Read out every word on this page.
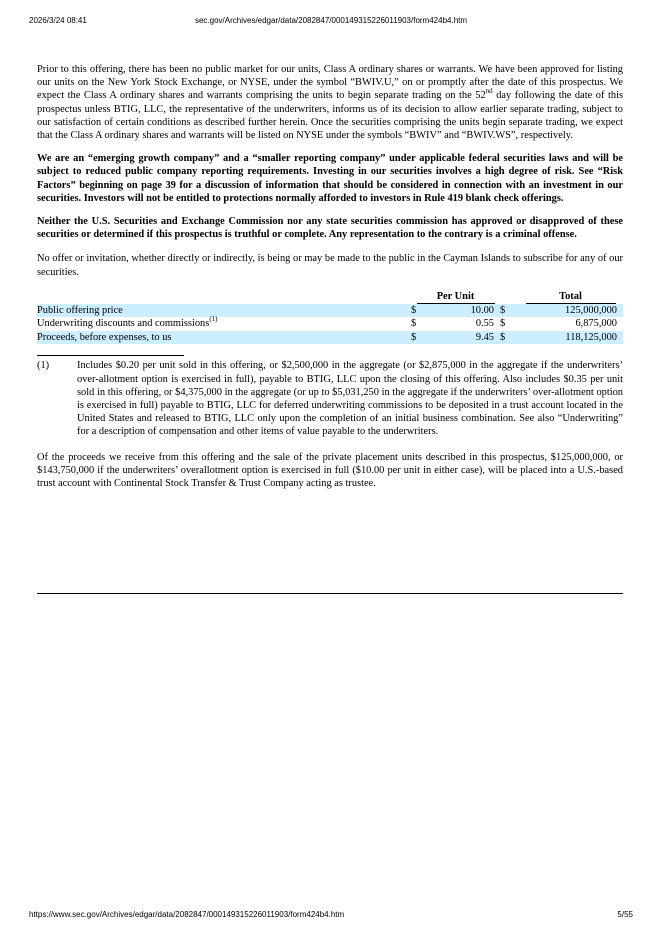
2026/3/24 08:41	sec.gov/Archives/edgar/data/2082847/000149315226011903/form424b4.htm

Prior to this offering, there has been no public market for our units, Class A ordinary shares or warrants. We have been approved for listing our units on the New York Stock Exchange, or NYSE, under the symbol “BWIV.U,” on or promptly after the date of this prospectus. We expect the Class A ordinary shares and warrants comprising the units to begin separate trading on the 52nd day following the date of this prospectus unless BTIG, LLC, the representative of the underwriters, informs us of its decision to allow earlier separate trading, subject to our satisfaction of certain conditions as described further herein. Once the securities comprising the units begin separate trading, we expect that the Class A ordinary shares and warrants will be listed on NYSE under the symbols “BWIV” and “BWIV.WS”, respectively.

We are an “emerging growth company” and a “smaller reporting company” under applicable federal securities laws and will be subject to reduced public company reporting requirements. Investing in our securities involves a high degree of risk. See “Risk Factors” beginning on page 39 for a discussion of information that should be considered in connection with an investment in our securities. Investors will not be entitled to protections normally afforded to investors in Rule 419 blank check offerings.

Neither the U.S. Securities and Exchange Commission nor any state securities commission has approved or disapproved of these securities or determined if this prospectus is truthful or complete. Any representation to the contrary is a criminal offense.

No offer or invitation, whether directly or indirectly, is being or may be made to the public in the Cayman Islands to subscribe for any of our securities.

	Per Unit			Total
Public offering price	$	10.00	$	125,000,000
Underwriting discounts and commissions$^{(1)}$	$	0.55	$	6,875,000
Proceeds, before expenses, to us	$	9.45	$	118,125,000
(1)	Includes $0.20 per unit sold in this offering, or $2,500,000 in the aggregate (or $2,875,000 in the aggregate if the underwriters’ over-allotment option is exercised in full), payable to BTIG, LLC upon the closing of this offering. Also includes $0.35 per unit sold in this offering, or $4,375,000 in the aggregate (or up to $5,031,250 in the aggregate if the underwriters’ over-allotment option is exercised in full) payable to BTIG, LLC for deferred underwriting commissions to be deposited in a trust account located in the United States and released to BTIG, LLC only upon the completion of an initial business combination. See also “Underwriting” for a description of compensation and other items of value payable to the underwriters.

Of the proceeds we receive from this offering and the sale of the private placement units described in this prospectus, $125,000,000, or $143,750,000 if the underwriters’ overallotment option is exercised in full ($10.00 per unit in either case), will be placed into a U.S.-based trust account with Continental Stock Transfer & Trust Company acting as trustee.

https://www.sec.gov/Archives/edgar/data/2082847/000149315226011903/form424b4.htm	5/55
